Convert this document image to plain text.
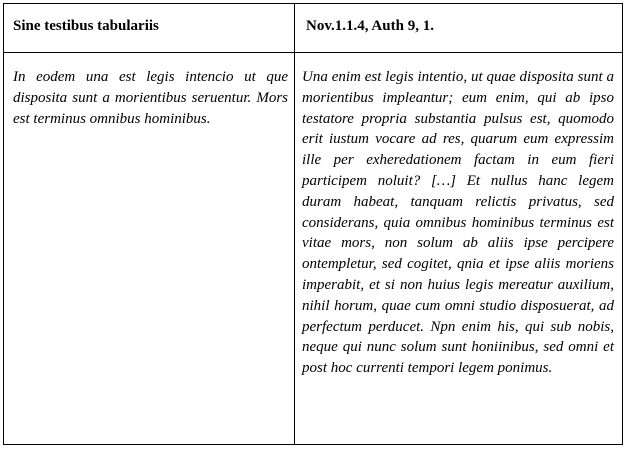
Sine testibus tabulariis	Nov.1.1.4, Auth 9, 1.

In eodem una est legis intencio ut que disposita sunt a morientibus seruentur. Mors est terminus omnibus hominibus.	Una enim est legis intentio, ut quae disposita sunt a morientibus impleantur; eum enim, qui ab ipso testatore propria substantia pulsus est, quomodo erit iustum vocare ad res, quarum eum expressim ille per exheredationem factam in eum fieri participem noluit? […] Et nullus hanc legem duram habeat, tanquam relictis privatus, sed considerans, quia omnibus hominibus terminus est vitae mors, non solum ab aliis ipse percipere ontempletur, sed cogitet, qnia et ipse aliis moriens imperabit, et si non huius legis mereatur auxilium, nihil horum, quae cum omni studio disposuerat, ad perfectum perducet. Npn enim his, qui sub nobis, neque qui nunc solum sunt honiinibus, sed omni et post hoc currenti tempori legem ponimus.
